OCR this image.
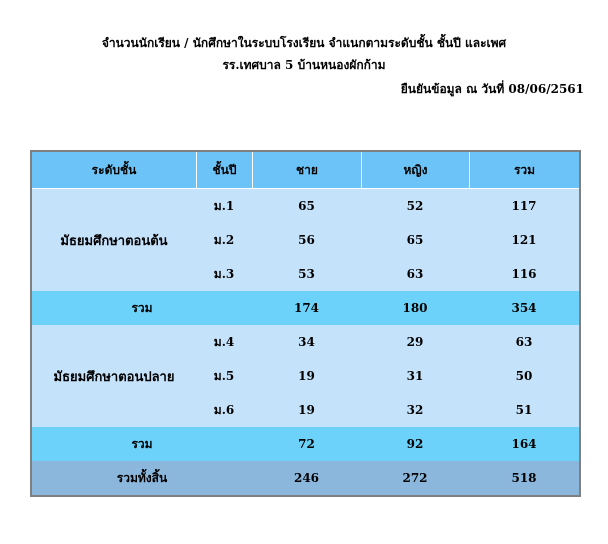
จำนวนนักเรียน / นักศึกษาในระบบโรงเรียน จำแนกตามระดับชั้น ชั้นปี และเพศ
รร.เทศบาล 5 บ้านหนองผักก้าม
ยืนยันข้อมูล ณ วันที่ 08/06/2561
ระดับชั้น	ชั้นปี	ชาย	หญิง	รวม
มัธยมศึกษาตอนต้น	ม.1	65	52	117
	ม.2	56	65	121
	ม.3	53	63	116
รวม		174	180	354
มัธยมศึกษาตอนปลาย	ม.4	34	29	63
	ม.5	19	31	50
	ม.6	19	32	51
รวม		72	92	164
รวมทั้งสิ้น		246	272	518
